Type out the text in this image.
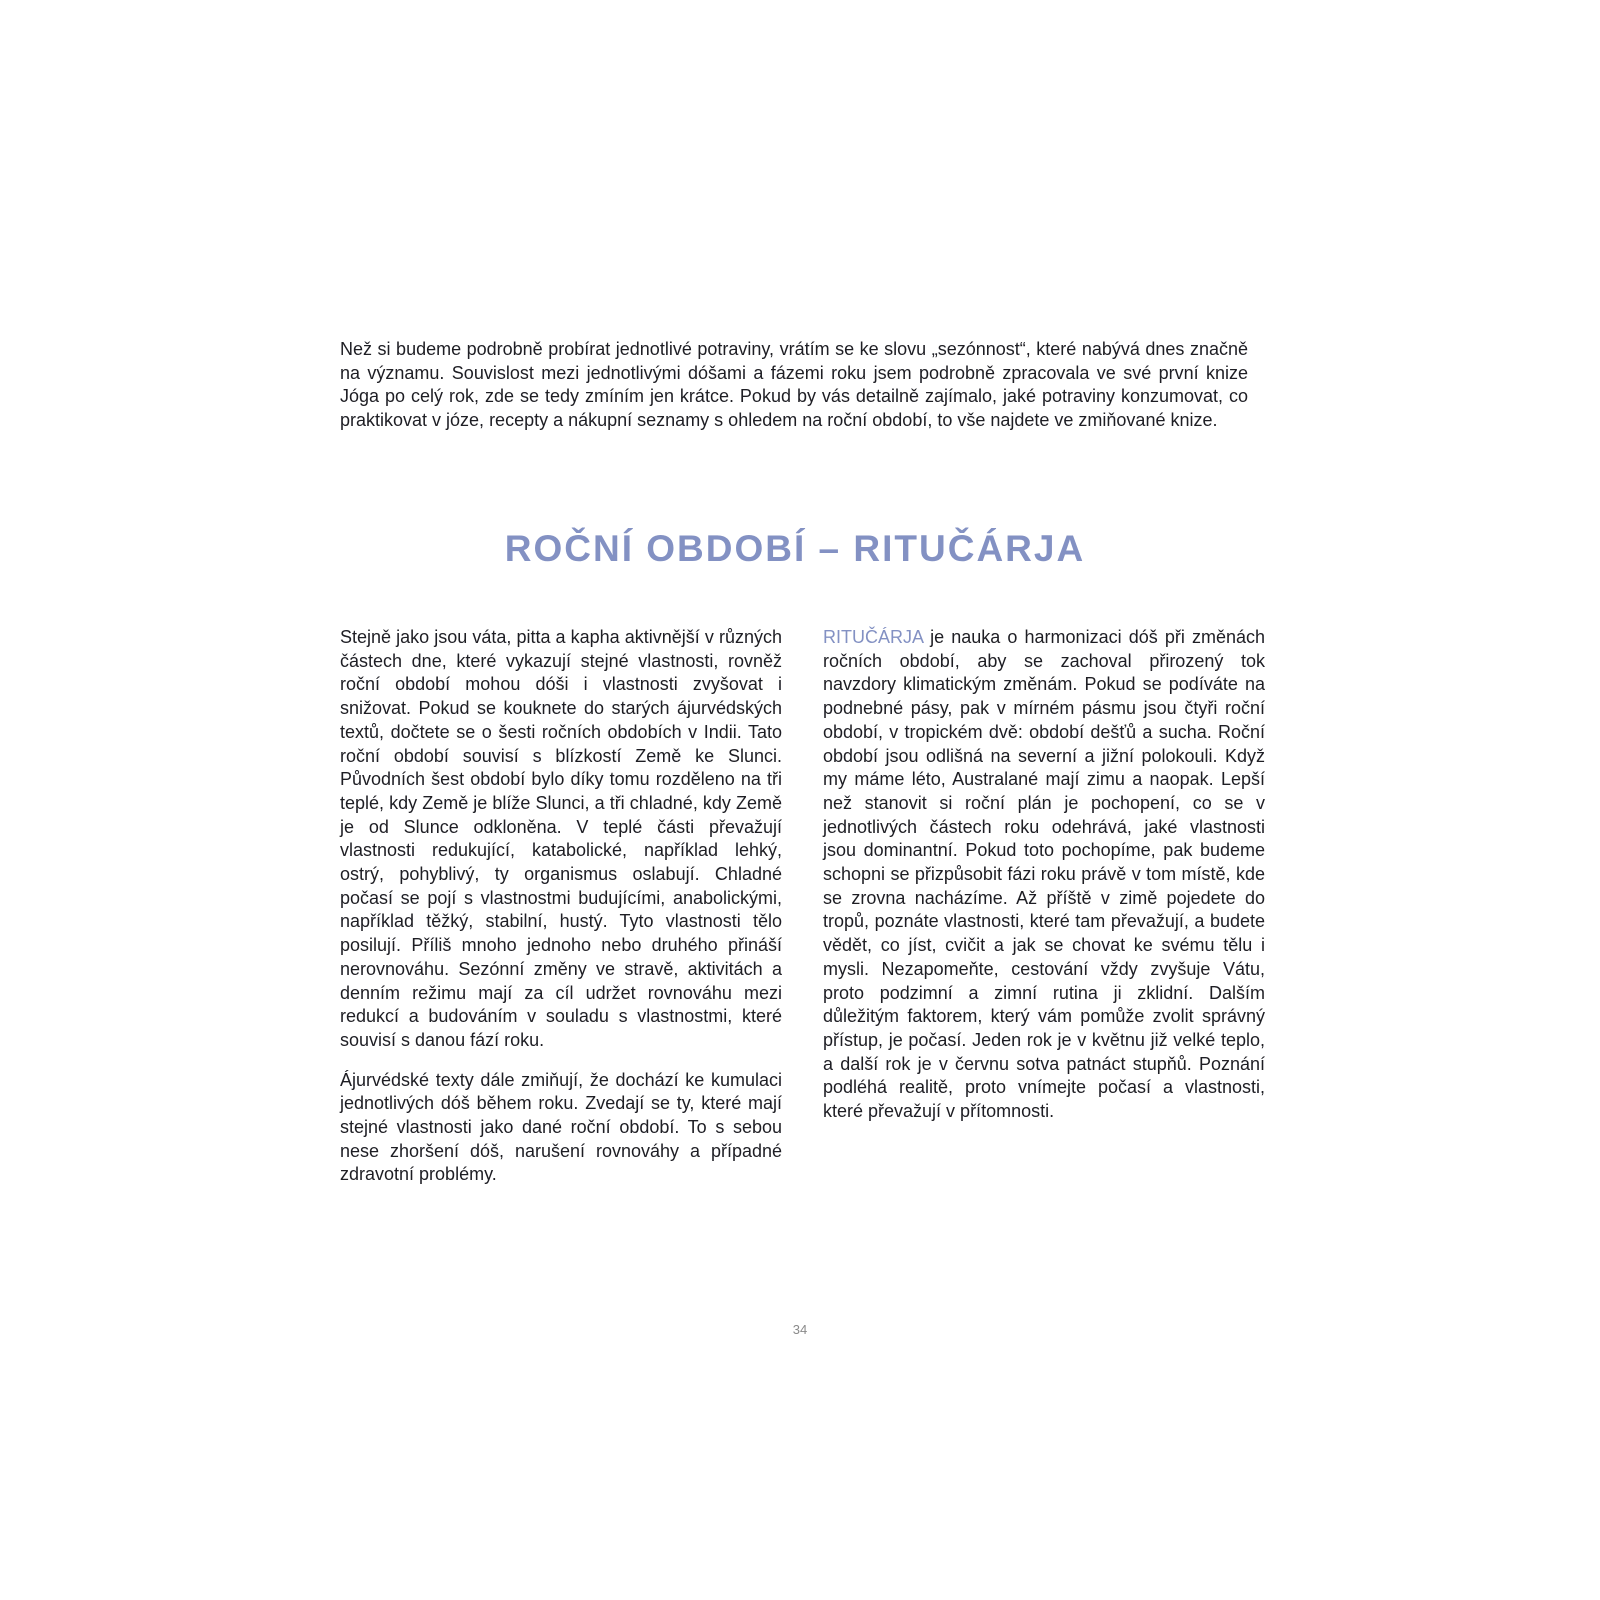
Než si budeme podrobně probírat jednotlivé potraviny, vrátím se ke slovu „sezónnost“, které nabývá dnes značně na významu. Souvislost mezi jednotlivými dóšami a fázemi roku jsem podrobně zpracovala ve své první knize Jóga po celý rok, zde se tedy zmíním jen krátce. Pokud by vás detailně zajímalo, jaké potraviny konzumovat, co praktikovat v józe, recepty a nákupní seznamy s ohledem na roční období, to vše najdete ve zmiňované knize.

ROČNÍ OBDOBÍ – RITUČÁRJA

Stejně jako jsou váta, pitta a kapha aktivnější v různých částech dne, které vykazují stejné vlastnosti, rovněž roční období mohou dóši i vlastnosti zvyšovat i snižovat. Pokud se kouknete do starých ájurvédských textů, dočtete se o šesti ročních obdobích v Indii. Tato roční období souvisí s blízkostí Země ke Slunci. Původních šest období bylo díky tomu rozděleno na tři teplé, kdy Země je blíže Slunci, a tři chladné, kdy Země je od Slunce odkloněna. V teplé části převažují vlastnosti redukující, katabolické, například lehký, ostrý, pohyblivý, ty organismus oslabují. Chladné počasí se pojí s vlastnostmi budujícími, anabolickými, například těžký, stabilní, hustý. Tyto vlastnosti tělo posilují. Příliš mnoho jednoho nebo druhého přináší nerovnováhu. Sezónní změny ve stravě, aktivitách a denním režimu mají za cíl udržet rovnováhu mezi redukcí a budováním v souladu s vlastnostmi, které souvisí s danou fází roku.

Ájurvédské texty dále zmiňují, že dochází ke kumulaci jednotlivých dóš během roku. Zvedají se ty, které mají stejné vlastnosti jako dané roční období. To s sebou nese zhoršení dóš, narušení rovnováhy a případné zdravotní problémy.

RITUČÁRJA je nauka o harmonizaci dóš při změnách ročních období, aby se zachoval přirozený tok navzdory klimatickým změnám. Pokud se podíváte na podnebné pásy, pak v mírném pásmu jsou čtyři roční období, v tropickém dvě: období dešťů a sucha. Roční období jsou odlišná na severní a jižní polokouli. Když my máme léto, Australané mají zimu a naopak. Lepší než stanovit si roční plán je pochopení, co se v jednotlivých částech roku odehrává, jaké vlastnosti jsou dominantní. Pokud toto pochopíme, pak budeme schopni se přizpůsobit fázi roku právě v tom místě, kde se zrovna nacházíme. Až příště v zimě pojedete do tropů, poznáte vlastnosti, které tam převažují, a budete vědět, co jíst, cvičit a jak se chovat ke svému tělu i mysli. Nezapomeňte, cestování vždy zvyšuje Vátu, proto podzimní a zimní rutina ji zklidní. Dalším důležitým faktorem, který vám pomůže zvolit správný přístup, je počasí. Jeden rok je v květnu již velké teplo, a další rok je v červnu sotva patnáct stupňů. Poznání podléhá realitě, proto vnímejte počasí a vlastnosti, které převažují v přítomnosti.

34
